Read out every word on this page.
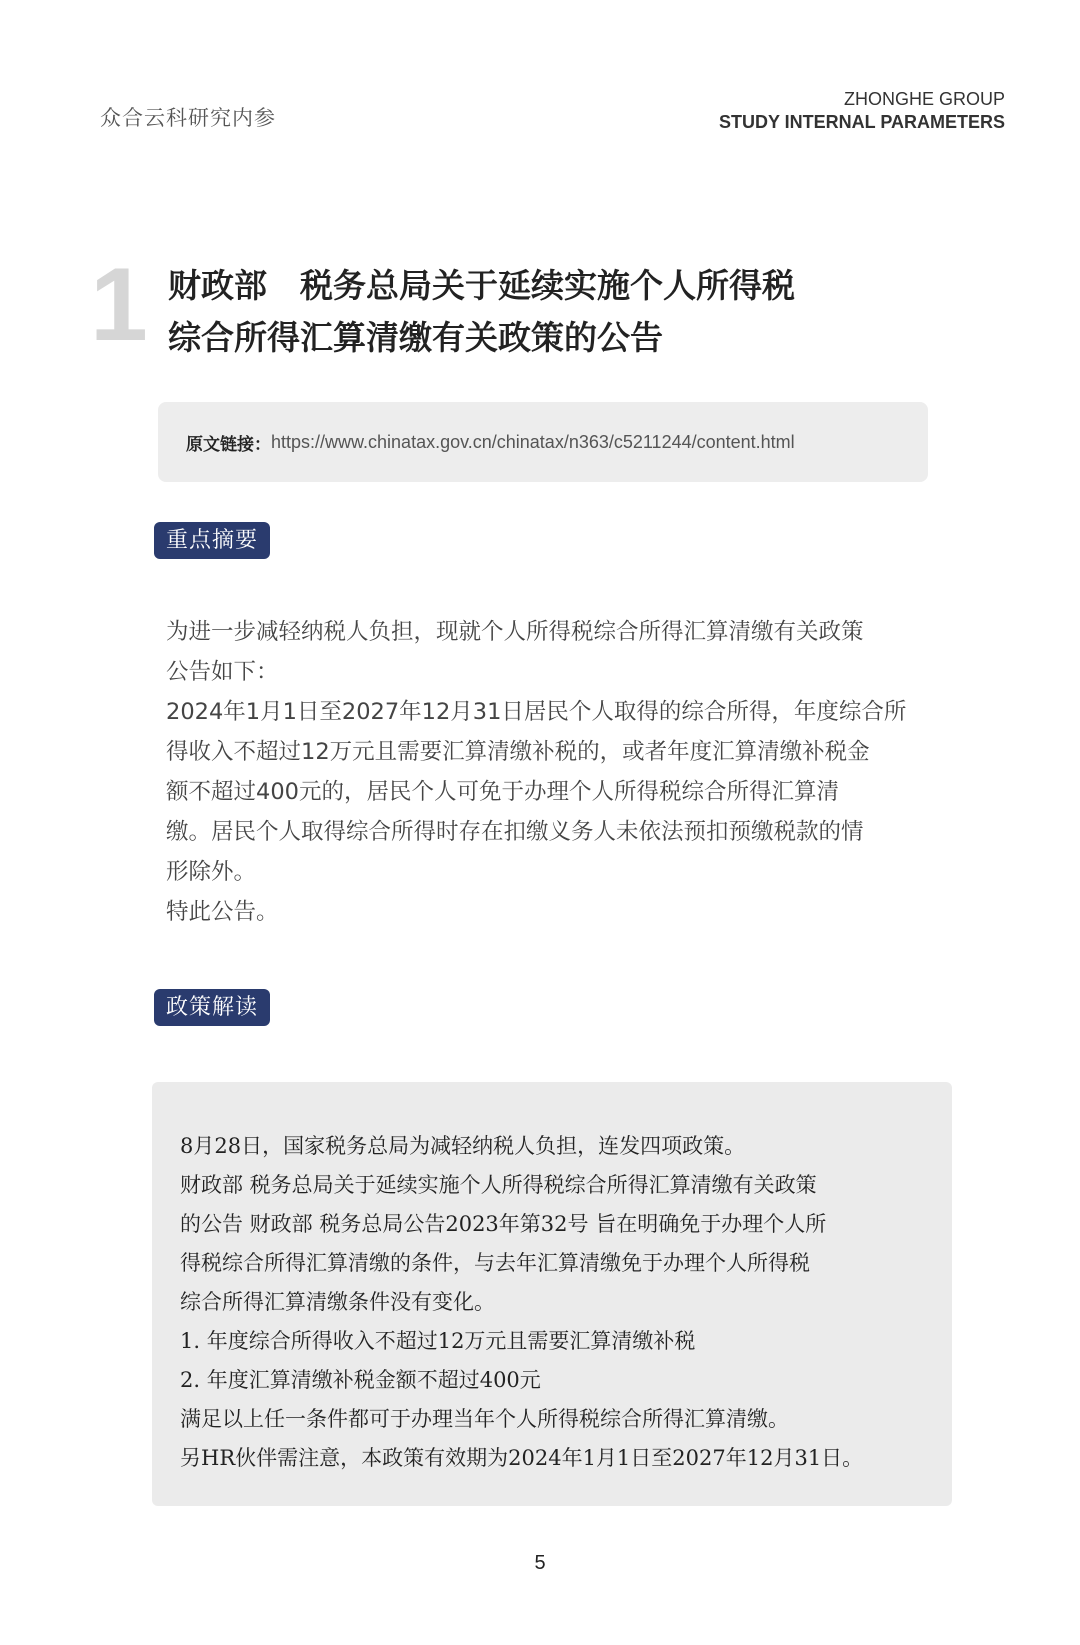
众合云科研究内参
ZHONGHE GROUP
STUDY INTERNAL PARAMETERS
1 财政部　税务总局关于延续实施个人所得税
综合所得汇算清缴有关政策的公告
原文链接： https://www.chinatax.gov.cn/chinatax/n363/c5211244/content.html
重点摘要

为进一步减轻纳税人负担，现就个人所得税综合所得汇算清缴有关政策

公告如下：

2024年1月1日至2027年12月31日居民个人取得的综合所得，年度综合所

得收入不超过12万元且需要汇算清缴补税的，或者年度汇算清缴补税金

额不超过400元的，居民个人可免于办理个人所得税综合所得汇算清

缴。居民个人取得综合所得时存在扣缴义务人未依法预扣预缴税款的情

形除外。

特此公告。

政策解读

8月28日，国家税务总局为减轻纳税人负担，连发四项政策。

财政部 税务总局关于延续实施个人所得税综合所得汇算清缴有关政策

的公告 财政部 税务总局公告2023年第32号 旨在明确免于办理个人所

得税综合所得汇算清缴的条件，与去年汇算清缴免于办理个人所得税

综合所得汇算清缴条件没有变化。

1. 年度综合所得收入不超过12万元且需要汇算清缴补税

2. 年度汇算清缴补税金额不超过400元

满足以上任一条件都可于办理当年个人所得税综合所得汇算清缴。

另HR伙伴需注意，本政策有效期为2024年1月1日至2027年12月31日。

5
